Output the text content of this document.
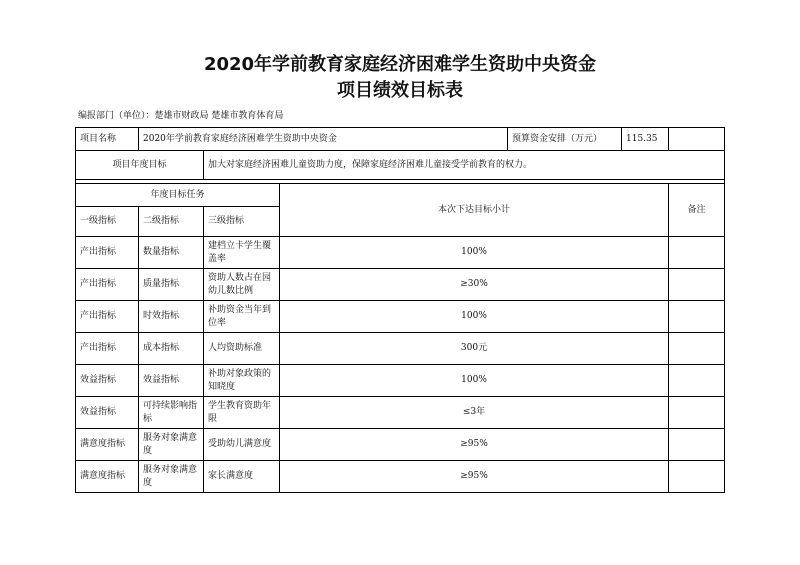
2020年学前教育家庭经济困难学生资助中央资金
项目绩效目标表
编报部门（单位）：楚雄市财政局 楚雄市教育体育局
项目名称	2020年学前教育家庭经济困难学生资助中央资金			预算资金安排（万元）	115.35	
项目年度目标		加大对家庭经济困难儿童资助力度，保障家庭经济困难儿童接受学前教育的权力。				

年度目标任务			本次下达目标小计			备注
一级指标	二级指标	三级指标				
产出指标	数量指标	建档立卡学生覆盖率	100%			
产出指标	质量指标	资助人数占在园幼儿数比例	≥30%			
产出指标	时效指标	补助资金当年到位率	100%			
产出指标	成本指标	人均资助标准	300元			
效益指标	效益指标	补助对象政策的知晓度	100%			
效益指标	可持续影响指标	学生教育资助年限	≤3年			
满意度指标	服务对象满意度	受助幼儿满意度	≥95%			
满意度指标	服务对象满意度	家长满意度	≥95%			
